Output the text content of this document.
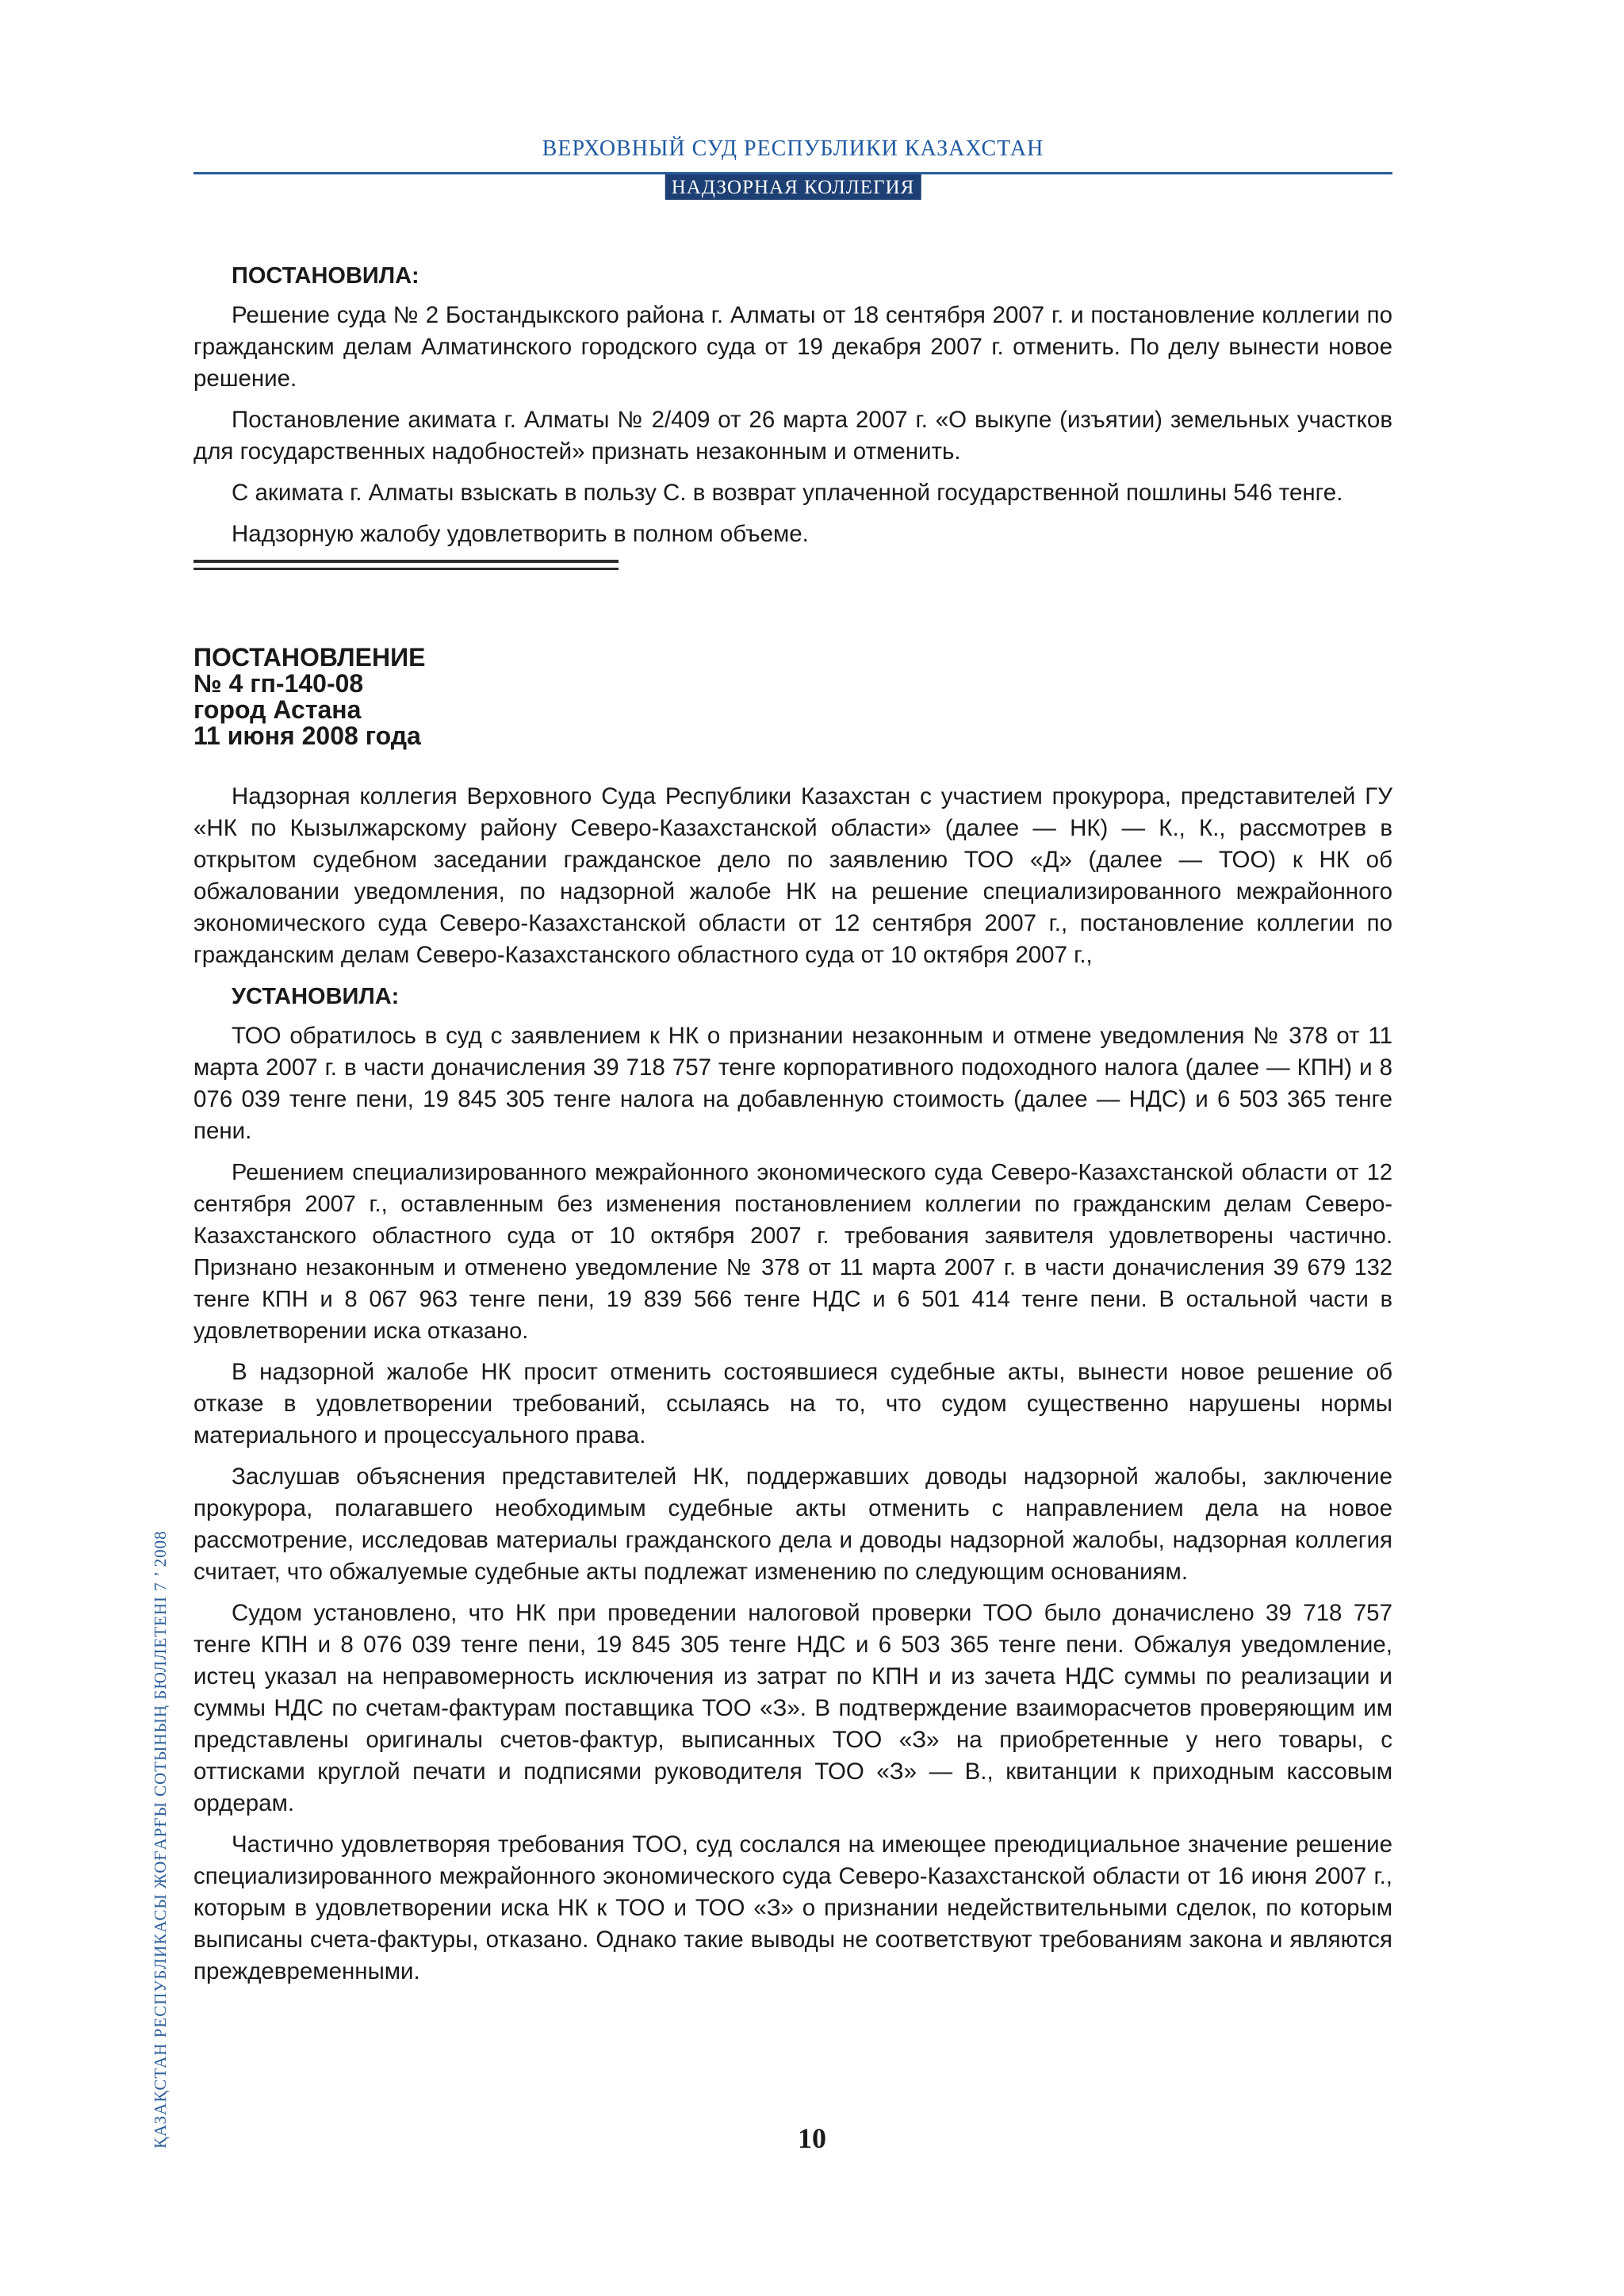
ВЕРХОВНЫЙ СУД РЕСПУБЛИКИ КАЗАХСТАН
НАДЗОРНАЯ КОЛЛЕГИЯ

ПОСТАНОВИЛА:

Решение суда № 2 Бостандыкского района г. Алматы от 18 сентября 2007 г. и постановление коллегии по гражданским делам Алматинского городского суда от 19 декабря 2007 г. отменить. По делу вынести новое решение.

Постановление акимата г. Алматы № 2/409 от 26 марта 2007 г. «О выкупе (изъятии) земельных участков для государственных надобностей» признать незаконным и отменить.

С акимата г. Алматы взыскать в пользу С. в возврат уплаченной государственной пошлины 546 тенге.

Надзорную жалобу удовлетворить в полном объеме.

ПОСТАНОВЛЕНИЕ

№ 4 гп-140-08

город Астана

11 июня 2008 года

Надзорная коллегия Верховного Суда Республики Казахстан с участием прокурора, представителей ГУ «НК по Кызылжарскому району Северо-Казахстанской области» (далее — НК) — К., К., рассмотрев в открытом судебном заседании гражданское дело по заявлению ТОО «Д» (далее — ТОО) к НК об обжаловании уведомления, по надзорной жалобе НК на решение специализированного межрайонного экономического суда Северо-Казахстанской области от 12 сентября 2007 г., постановление коллегии по гражданским делам Северо-Казахстанского областного суда от 10 октября 2007 г.,

УСТАНОВИЛА:

ТОО обратилось в суд с заявлением к НК о признании незаконным и отмене уведомления № 378 от 11 марта 2007 г. в части доначисления 39 718 757 тенге корпоративного подоходного налога (далее — КПН) и 8 076 039 тенге пени, 19 845 305 тенге налога на добавленную стоимость (далее — НДС) и 6 503 365 тенге пени.

Решением специализированного межрайонного экономического суда Северо-Казахстанской области от 12 сентября 2007 г., оставленным без изменения постановлением коллегии по гражданским делам Северо-Казахстанского областного суда от 10 октября 2007 г. требования заявителя удовлетворены частично. Признано незаконным и отменено уведомление № 378 от 11 марта 2007 г. в части доначисления 39 679 132 тенге КПН и 8 067 963 тенге пени, 19 839 566 тенге НДС и 6 501 414 тенге пени. В остальной части в удовлетворении иска отказано.

В надзорной жалобе НК просит отменить состоявшиеся судебные акты, вынести новое решение об отказе в удовлетворении требований, ссылаясь на то, что судом существенно нарушены нормы материального и процессуального права.

Заслушав объяснения представителей НК, поддержавших доводы надзорной жалобы, заключение прокурора, полагавшего необходимым судебные акты отменить с направлением дела на новое рассмотрение, исследовав материалы гражданского дела и доводы надзорной жалобы, надзорная коллегия считает, что обжалуемые судебные акты подлежат изменению по следующим основаниям.

Судом установлено, что НК при проведении налоговой проверки ТОО было доначислено 39 718 757 тенге КПН и 8 076 039 тенге пени, 19 845 305 тенге НДС и 6 503 365 тенге пени. Обжалуя уведомление, истец указал на неправомерность исключения из затрат по КПН и из зачета НДС суммы по реализации и суммы НДС по счетам-фактурам поставщика ТОО «З». В подтверждение взаиморасчетов проверяющим им представлены оригиналы счетов-фактур, выписанных ТОО «З» на приобретенные у него товары, с оттисками круглой печати и подписями руководителя ТОО «З» — В., квитанции к приходным кассовым ордерам.

Частично удовлетворяя требования ТОО, суд сослался на имеющее преюдициальное значение решение специализированного межрайонного экономического суда Северо-Казахстанской области от 16 июня 2007 г., которым в удовлетворении иска НК к ТОО и ТОО «З» о признании недействительными сделок, по которым выписаны счета-фактуры, отказано. Однако такие выводы не соответствуют требованиям закона и являются преждевременными.

10
ҚАЗАҚСТАН РЕСПУБЛИКАСЫ ЖОҒАРҒЫ СОТЫНЫҢ БЮЛЛЕТЕНІ 7 ’ 2008
